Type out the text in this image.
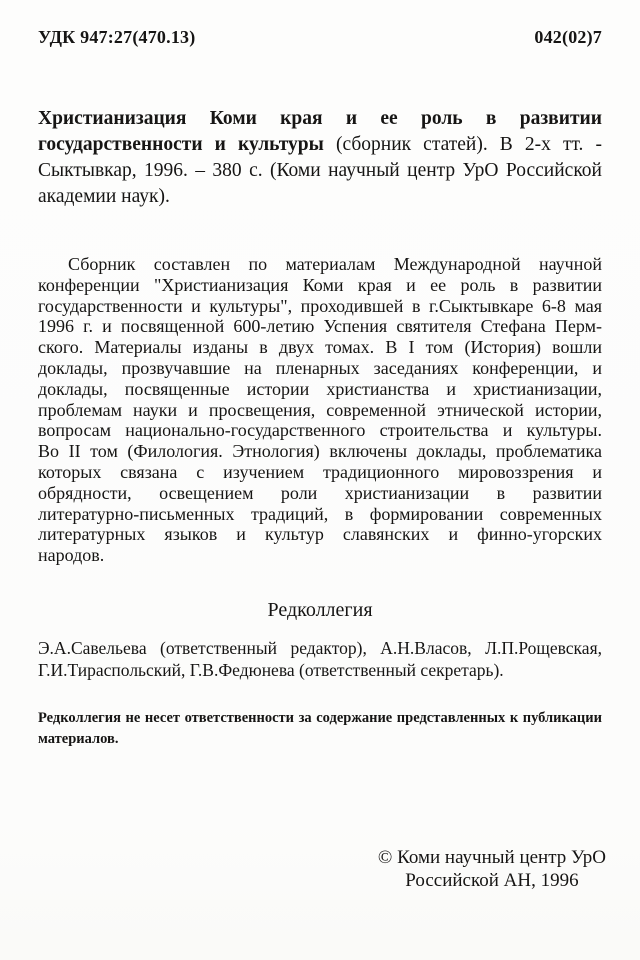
УДК 947:27(470.13)	042(02)7
Христианизация Коми края и ее роль в развитии
государственности и культуры (сборник статей). В 2-х тт. -
Сыктывкар, 1996. – 380 с. (Коми научный центр УрО Российской
академии наук).
Сборник составлен по материалам Международной научной
конференции "Христианизация Коми края и ее роль в развитии
государственности и культуры", проходившей в г.Сыктывкаре 6-8 мая
1996 г. и посвященной 600-летию Успения святителя Стефана Перм-
ского. Материалы изданы в двух томах. В I том (История) вошли
доклады, прозвучавшие на пленарных заседаниях конференции, и
доклады, посвященные истории христианства и христианизации,
проблемам науки и просвещения, современной этнической истории,
вопросам национально-государственного строительства и культуры.
Во II том (Филология. Этнология) включены доклады, проблематика
которых связана с изучением традиционного мировоззрения и
обрядности, освещением роли христианизации в развитии
литературно-письменных традиций, в формировании современных
литературных языков и культур славянских и финно-угорских
народов.
Редколлегия
Э.А.Савельева (ответственный редактор), А.Н.Власов, Л.П.Рощевская,
Г.И.Тираспольский, Г.В.Федюнева (ответственный секретарь).
Редколлегия не несет ответственности за содержание представленных к публикации
материалов.
© Коми научный центр УрО
Российской АН, 1996
